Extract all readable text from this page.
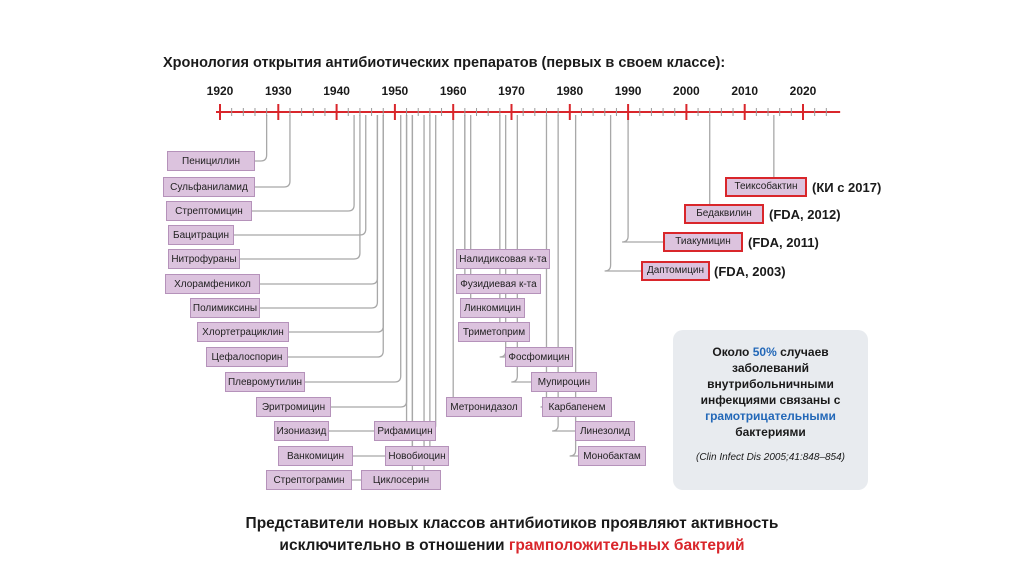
Хронология открытия антибиотических препаратов (первых в своем классе):
1920	1930	1940	1950	1960	1970	1980	1990	2000	2010	2020
Пенициллин
Сульфаниламид
Стрептомицин
Бацитрацин
Нитрофураны
Хлорамфеникол
Полимиксины
Хлортетрациклин
Цефалоспорин
Плевромутилин
Эритромицин
Изониазид
Ванкомицин
Стрептограмин	Циклосерин
Новобиоцин
Рифамицин
Метронидазол
Налидиксовая к-та
Фузидиевая к-та
Линкомицин
Триметоприм
Фосфомицин
Мупироцин
Карбапенем
Линезолид
Монобактам
Даптомицин (FDA, 2003)
Тиакумицин	(FDA, 2011)
Бедаквилин	(FDA, 2012)
Теиксобактин	(КИ с 2017)
Около 50% случаев заболеваний внутрибольничными инфекциями связаны с грамотрицательными бактериями
(Clin Infect Dis 2005;41:848–854)
Представители новых классов антибиотиков проявляют активность
исключительно в отношении грамположительных бактерий
